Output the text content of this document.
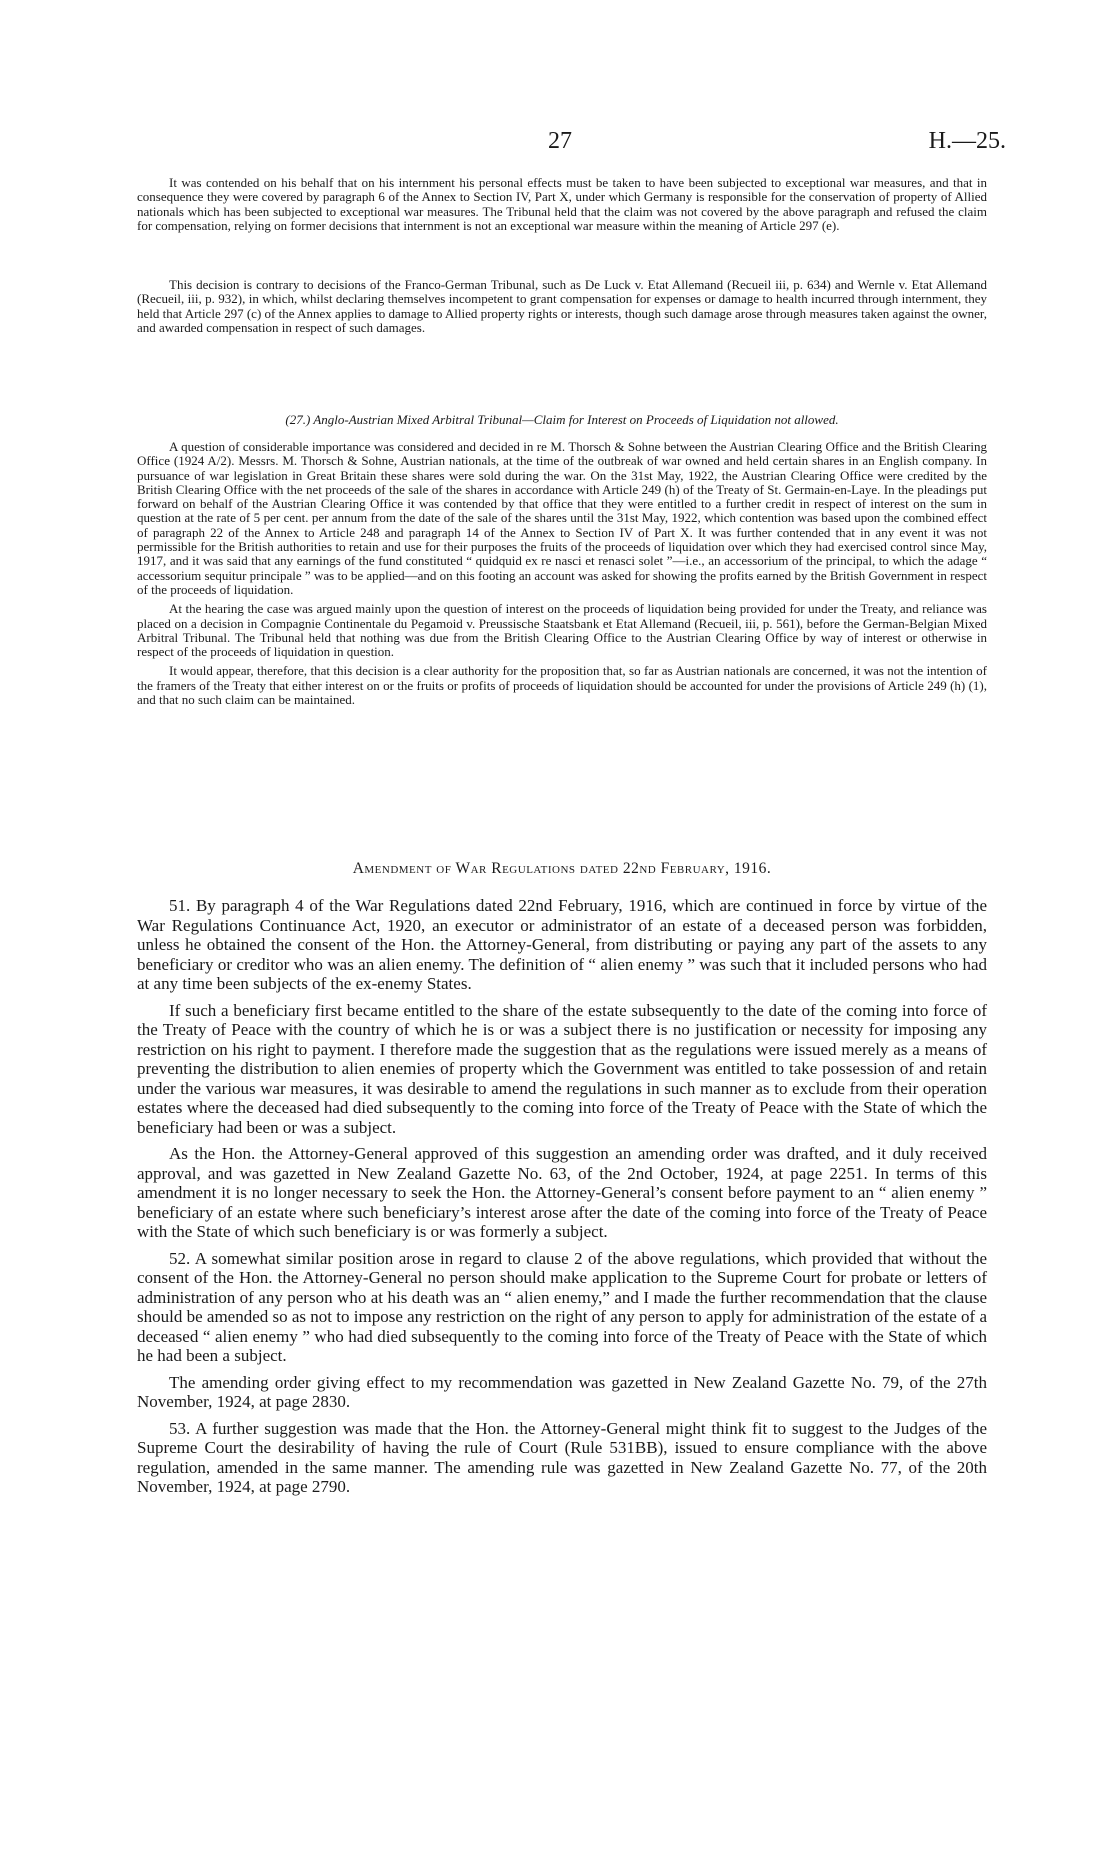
27	H.—25.

It was contended on his behalf that on his internment his personal effects must be taken to have been subjected to exceptional war measures, and that in consequence they were covered by paragraph 6 of the Annex to Section IV, Part X, under which Germany is responsible for the conservation of property of Allied nationals which has been subjected to exceptional war measures. The Tribunal held that the claim was not covered by the above paragraph and refused the claim for compensation, relying on former decisions that internment is not an exceptional war measure within the meaning of Article 297 (e).

This decision is contrary to decisions of the Franco-German Tribunal, such as De Luck v. Etat Allemand (Recueil iii, p. 634) and Wernle v. Etat Allemand (Recueil, iii, p. 932), in which, whilst declaring themselves incompetent to grant compensation for expenses or damage to health incurred through internment, they held that Article 297 (c) of the Annex applies to damage to Allied property rights or interests, though such damage arose through measures taken against the owner, and awarded compensation in respect of such damages.

(27.) Anglo-Austrian Mixed Arbitral Tribunal—Claim for Interest on Proceeds of Liquidation not allowed.

A question of considerable importance was considered and decided in re M. Thorsch & Sohne between the Austrian Clearing Office and the British Clearing Office (1924 A/2). Messrs. M. Thorsch & Sohne, Austrian nationals, at the time of the outbreak of war owned and held certain shares in an English company. In pursuance of war legislation in Great Britain these shares were sold during the war. On the 31st May, 1922, the Austrian Clearing Office were credited by the British Clearing Office with the net proceeds of the sale of the shares in accordance with Article 249 (h) of the Treaty of St. Germain-en-Laye. In the pleadings put forward on behalf of the Austrian Clearing Office it was contended by that office that they were entitled to a further credit in respect of interest on the sum in question at the rate of 5 per cent. per annum from the date of the sale of the shares until the 31st May, 1922, which contention was based upon the combined effect of paragraph 22 of the Annex to Article 248 and paragraph 14 of the Annex to Section IV of Part X. It was further contended that in any event it was not permissible for the British authorities to retain and use for their purposes the fruits of the proceeds of liquidation over which they had exercised control since May, 1917, and it was said that any earnings of the fund constituted “ quidquid ex re nasci et renasci solet ”—i.e., an accessorium of the principal, to which the adage “ accessorium sequitur principale ” was to be applied—and on this footing an account was asked for showing the profits earned by the British Government in respect of the proceeds of liquidation.

At the hearing the case was argued mainly upon the question of interest on the proceeds of liquidation being provided for under the Treaty, and reliance was placed on a decision in Compagnie Continentale du Pegamoid v. Preussische Staatsbank et Etat Allemand (Recueil, iii, p. 561), before the German-Belgian Mixed Arbitral Tribunal. The Tribunal held that nothing was due from the British Clearing Office to the Austrian Clearing Office by way of interest or otherwise in respect of the proceeds of liquidation in question.

It would appear, therefore, that this decision is a clear authority for the proposition that, so far as Austrian nationals are concerned, it was not the intention of the framers of the Treaty that either interest on or the fruits or profits of proceeds of liquidation should be accounted for under the provisions of Article 249 (h) (1), and that no such claim can be maintained.

Amendment of War Regulations dated 22nd February, 1916.

51. By paragraph 4 of the War Regulations dated 22nd February, 1916, which are continued in force by virtue of the War Regulations Continuance Act, 1920, an executor or administrator of an estate of a deceased person was forbidden, unless he obtained the consent of the Hon. the Attorney-General, from distributing or paying any part of the assets to any beneficiary or creditor who was an alien enemy. The definition of “ alien enemy ” was such that it included persons who had at any time been subjects of the ex-enemy States.

If such a beneficiary first became entitled to the share of the estate subsequently to the date of the coming into force of the Treaty of Peace with the country of which he is or was a subject there is no justification or necessity for imposing any restriction on his right to payment. I therefore made the suggestion that as the regulations were issued merely as a means of preventing the distribution to alien enemies of property which the Government was entitled to take possession of and retain under the various war measures, it was desirable to amend the regulations in such manner as to exclude from their operation estates where the deceased had died subsequently to the coming into force of the Treaty of Peace with the State of which the beneficiary had been or was a subject.

As the Hon. the Attorney-General approved of this suggestion an amending order was drafted, and it duly received approval, and was gazetted in New Zealand Gazette No. 63, of the 2nd October, 1924, at page 2251. In terms of this amendment it is no longer necessary to seek the Hon. the Attorney-General’s consent before payment to an “ alien enemy ” beneficiary of an estate where such beneficiary’s interest arose after the date of the coming into force of the Treaty of Peace with the State of which such beneficiary is or was formerly a subject.

52. A somewhat similar position arose in regard to clause 2 of the above regulations, which provided that without the consent of the Hon. the Attorney-General no person should make application to the Supreme Court for probate or letters of administration of any person who at his death was an “ alien enemy,” and I made the further recommendation that the clause should be amended so as not to impose any restriction on the right of any person to apply for administration of the estate of a deceased “ alien enemy ” who had died subsequently to the coming into force of the Treaty of Peace with the State of which he had been a subject.

The amending order giving effect to my recommendation was gazetted in New Zealand Gazette No. 79, of the 27th November, 1924, at page 2830.

53. A further suggestion was made that the Hon. the Attorney-General might think fit to suggest to the Judges of the Supreme Court the desirability of having the rule of Court (Rule 531BB), issued to ensure compliance with the above regulation, amended in the same manner. The amending rule was gazetted in New Zealand Gazette No. 77, of the 20th November, 1924, at page 2790.
